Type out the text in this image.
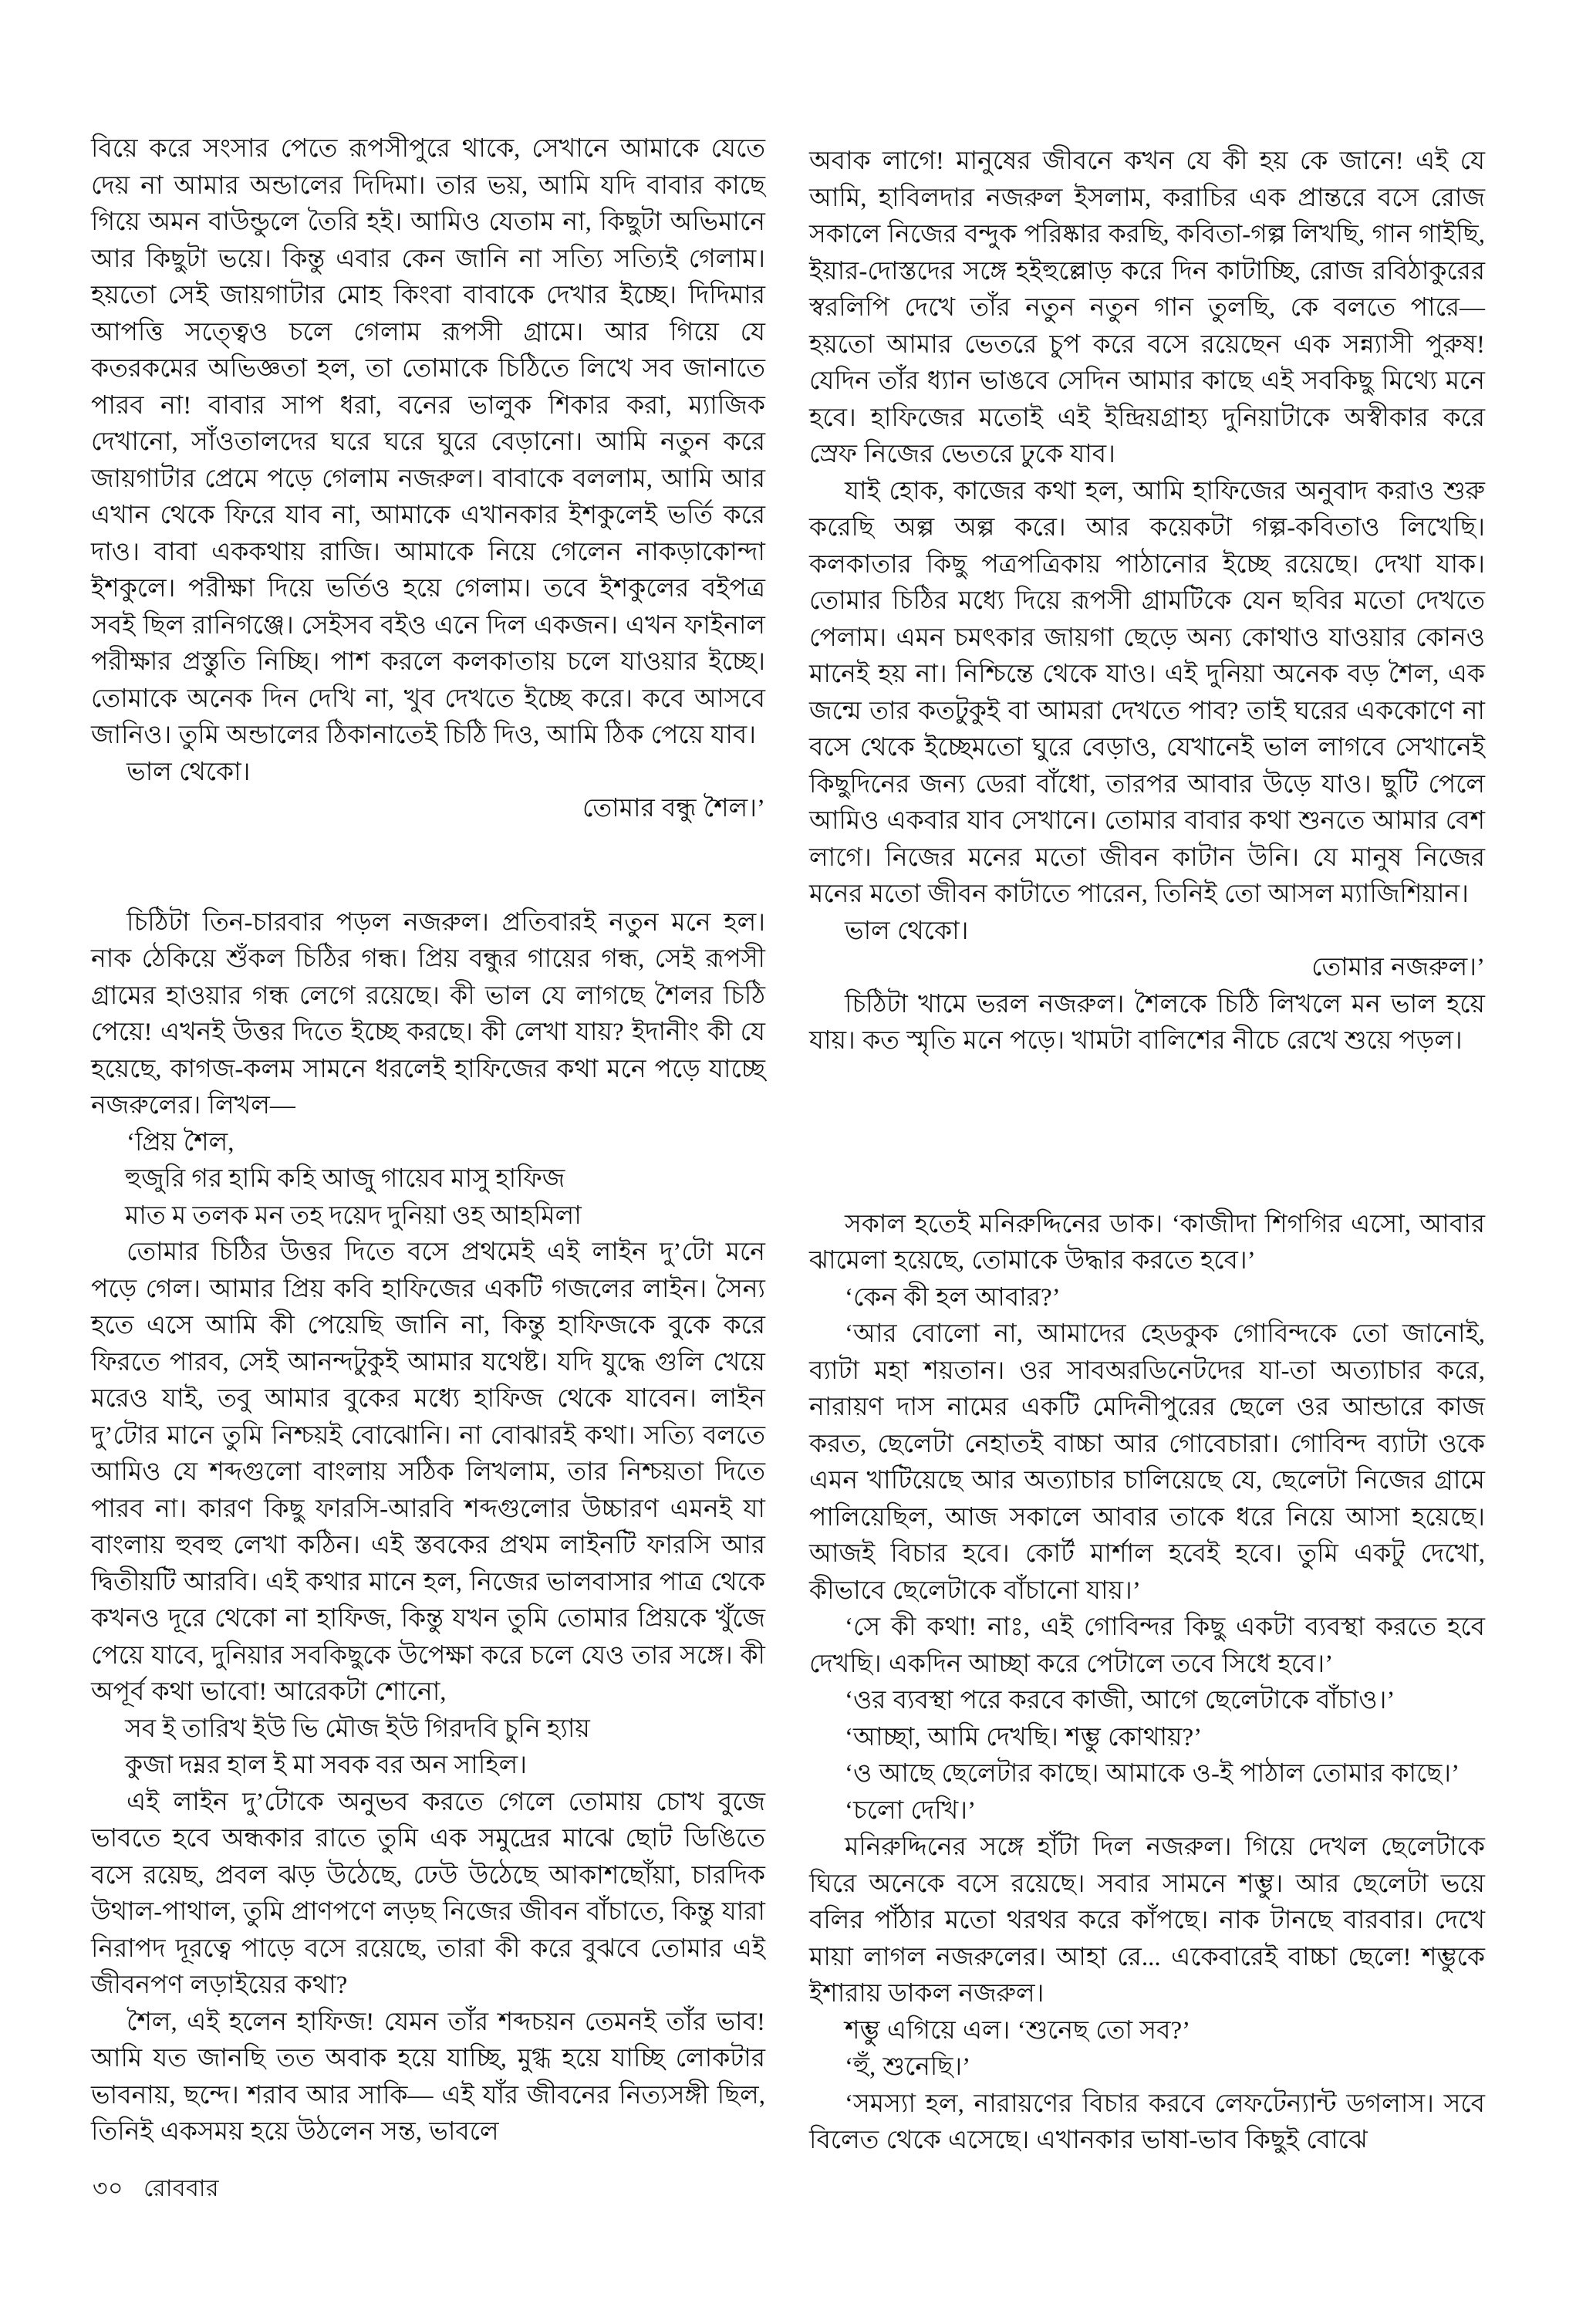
বিয়ে করে সংসার পেতে রূপসীপুরে থাকে, সেখানে আমাকে যেতে দেয় না আমার অন্ডালের দিদিমা। তার ভয়, আমি যদি বাবার কাছে গিয়ে অমন বাউন্ডুলে তৈরি হই। আমিও যেতাম না, কিছুটা অভিমানে আর কিছুটা ভয়ে। কিন্তু এবার কেন জানি না সত্যি সত্যিই গেলাম। হয়তো সেই জায়গাটার মোহ কিংবা বাবাকে দেখার ইচ্ছে। দিদিমার আপত্তি সত্ত্বেও চলে গেলাম রূপসী গ্রামে। আর গিয়ে যে কতরকমের অভিজ্ঞতা হল, তা তোমাকে চিঠিতে লিখে সব জানাতে পারব না! বাবার সাপ ধরা, বনের ভালুক শিকার করা, ম্যাজিক দেখানো, সাঁওতালদের ঘরে ঘরে ঘুরে বেড়ানো। আমি নতুন করে জায়গাটার প্রেমে পড়ে গেলাম নজরুল। বাবাকে বললাম, আমি আর এখান থেকে ফিরে যাব না, আমাকে এখানকার ইশকুলেই ভর্তি করে দাও। বাবা এককথায় রাজি। আমাকে নিয়ে গেলেন নাকড়াকোন্দা ইশকুলে। পরীক্ষা দিয়ে ভর্তিও হয়ে গেলাম। তবে ইশকুলের বইপত্র সবই ছিল রানিগঞ্জে। সেইসব বইও এনে দিল একজন। এখন ফাইনাল পরীক্ষার প্রস্তুতি নিচ্ছি। পাশ করলে কলকাতায় চলে যাওয়ার ইচ্ছে। তোমাকে অনেক দিন দেখি না, খুব দেখতে ইচ্ছে করে। কবে আসবে জানিও। তুমি অন্ডালের ঠিকানাতেই চিঠি দিও, আমি ঠিক পেয়ে যাব।

ভাল থেকো।

তোমার বন্ধু শৈল।’

চিঠিটা তিন-চারবার পড়ল নজরুল। প্রতিবারই নতুন মনে হল। নাক ঠেকিয়ে শুঁকল চিঠির গন্ধ। প্রিয় বন্ধুর গায়ের গন্ধ, সেই রূপসী গ্রামের হাওয়ার গন্ধ লেগে রয়েছে। কী ভাল যে লাগছে শৈলর চিঠি পেয়ে! এখনই উত্তর দিতে ইচ্ছে করছে। কী লেখা যায়? ইদানীং কী যে হয়েছে, কাগজ-কলম সামনে ধরলেই হাফিজের কথা মনে পড়ে যাচ্ছে নজরুলের। লিখল—

‘প্রিয় শৈল,

হুজুরি গর হামি কহি আজু গায়েব মাসু হাফিজ

মাত ম তলক মন তহ দয়েদ দুনিয়া ওহ আহমিলা

তোমার চিঠির উত্তর দিতে বসে প্রথমেই এই লাইন দু’টো মনে পড়ে গেল। আমার প্রিয় কবি হাফিজের একটি গজলের লাইন। সৈন্য হতে এসে আমি কী পেয়েছি জানি না, কিন্তু হাফিজকে বুকে করে ফিরতে পারব, সেই আনন্দটুকুই আমার যথেষ্ট। যদি যুদ্ধে গুলি খেয়ে মরেও যাই, তবু আমার বুকের মধ্যে হাফিজ থেকে যাবেন। লাইন দু’টোর মানে তুমি নিশ্চয়ই বোঝোনি। না বোঝারই কথা। সত্যি বলতে আমিও যে শব্দগুলো বাংলায় সঠিক লিখলাম, তার নিশ্চয়তা দিতে পারব না। কারণ কিছু ফারসি-আরবি শব্দগুলোর উচ্চারণ এমনই যা বাংলায় হুবহু লেখা কঠিন। এই স্তবকের প্রথম লাইনটি ফারসি আর দ্বিতীয়টি আরবি। এই কথার মানে হল, নিজের ভালবাসার পাত্র থেকে কখনও দূরে থেকো না হাফিজ, কিন্তু যখন তুমি তোমার প্রিয়কে খুঁজে পেয়ে যাবে, দুনিয়ার সবকিছুকে উপেক্ষা করে চলে যেও তার সঙ্গে। কী অপূর্ব কথা ভাবো! আরেকটা শোনো,

সব ই তারিখ ইউ ভি মৌজ ইউ গিরদবি চুনি হ্যায়

কুজা দম্নর হাল ই মা সবক বর অন সাহিল।

এই লাইন দু’টোকে অনুভব করতে গেলে তোমায় চোখ বুজে ভাবতে হবে অন্ধকার রাতে তুমি এক সমুদ্রের মাঝে ছোট ডিঙিতে বসে রয়েছ, প্রবল ঝড় উঠেছে, ঢেউ উঠেছে আকাশছোঁয়া, চারদিক উথাল-পাথাল, তুমি প্রাণপণে লড়ছ নিজের জীবন বাঁচাতে, কিন্তু যারা নিরাপদ দূরত্বে পাড়ে বসে রয়েছে, তারা কী করে বুঝবে তোমার এই জীবনপণ লড়াইয়ের কথা?

শৈল, এই হলেন হাফিজ! যেমন তাঁর শব্দচয়ন তেমনই তাঁর ভাব! আমি যত জানছি তত অবাক হয়ে যাচ্ছি, মুগ্ধ হয়ে যাচ্ছি লোকটার ভাবনায়, ছন্দে। শরাব আর সাকি— এই যাঁর জীবনের নিত্যসঙ্গী ছিল, তিনিই একসময় হয়ে উঠলেন সন্ত, ভাবলে

অবাক লাগে! মানুষের জীবনে কখন যে কী হয় কে জানে! এই যে আমি, হাবিলদার নজরুল ইসলাম, করাচির এক প্রান্তরে বসে রোজ সকালে নিজের বন্দুক পরিষ্কার করছি, কবিতা-গল্প লিখছি, গান গাইছি, ইয়ার-দোস্তদের সঙ্গে হইহুল্লোড় করে দিন কাটাচ্ছি, রোজ রবিঠাকুরের স্বরলিপি দেখে তাঁর নতুন নতুন গান তুলছি, কে বলতে পারে— হয়তো আমার ভেতরে চুপ করে বসে রয়েছেন এক সন্ন্যাসী পুরুষ! যেদিন তাঁর ধ্যান ভাঙবে সেদিন আমার কাছে এই সবকিছু মিথ্যে মনে হবে। হাফিজের মতোই এই ইন্দ্রিয়গ্রাহ্য দুনিয়াটাকে অস্বীকার করে স্রেফ নিজের ভেতরে ঢুকে যাব।

যাই হোক, কাজের কথা হল, আমি হাফিজের অনুবাদ করাও শুরু করেছি অল্প অল্প করে। আর কয়েকটা গল্প-কবিতাও লিখেছি। কলকাতার কিছু পত্রপত্রিকায় পাঠানোর ইচ্ছে রয়েছে। দেখা যাক। তোমার চিঠির মধ্যে দিয়ে রূপসী গ্রামটিকে যেন ছবির মতো দেখতে পেলাম। এমন চমৎকার জায়গা ছেড়ে অন্য কোথাও যাওয়ার কোনও মানেই হয় না। নিশ্চিন্তে থেকে যাও। এই দুনিয়া অনেক বড় শৈল, এক জন্মে তার কতটুকুই বা আমরা দেখতে পাব? তাই ঘরের এককোণে না বসে থেকে ইচ্ছেমতো ঘুরে বেড়াও, যেখানেই ভাল লাগবে সেখানেই কিছুদিনের জন্য ডেরা বাঁধো, তারপর আবার উড়ে যাও। ছুটি পেলে আমিও একবার যাব সেখানে। তোমার বাবার কথা শুনতে আমার বেশ লাগে। নিজের মনের মতো জীবন কাটান উনি। যে মানুষ নিজের মনের মতো জীবন কাটাতে পারেন, তিনিই তো আসল ম্যাজিশিয়ান।

ভাল থেকো।

তোমার নজরুল।’

চিঠিটা খামে ভরল নজরুল। শৈলকে চিঠি লিখলে মন ভাল হয়ে যায়। কত স্মৃতি মনে পড়ে। খামটা বালিশের নীচে রেখে শুয়ে পড়ল।

সকাল হতেই মনিরুদ্দিনের ডাক। ‘কাজীদা শিগগির এসো, আবার ঝামেলা হয়েছে, তোমাকে উদ্ধার করতে হবে।’

‘কেন কী হল আবার?’

‘আর বোলো না, আমাদের হেডকুক গোবিন্দকে তো জানোই, ব্যাটা মহা শয়তান। ওর সাবঅরডিনেটদের যা-তা অত্যাচার করে, নারায়ণ দাস নামের একটি মেদিনীপুরের ছেলে ওর আন্ডারে কাজ করত, ছেলেটা নেহাতই বাচ্চা আর গোবেচারা। গোবিন্দ ব্যাটা ওকে এমন খাটিয়েছে আর অত্যাচার চালিয়েছে যে, ছেলেটা নিজের গ্রামে পালিয়েছিল, আজ সকালে আবার তাকে ধরে নিয়ে আসা হয়েছে। আজই বিচার হবে। কোর্ট মার্শাল হবেই হবে। তুমি একটু দেখো, কীভাবে ছেলেটাকে বাঁচানো যায়।’

‘সে কী কথা! নাঃ, এই গোবিন্দর কিছু একটা ব্যবস্থা করতে হবে দেখছি। একদিন আচ্ছা করে পেটালে তবে সিধে হবে।’

‘ওর ব্যবস্থা পরে করবে কাজী, আগে ছেলেটাকে বাঁচাও।’

‘আচ্ছা, আমি দেখছি। শম্ভু কোথায়?’

‘ও আছে ছেলেটার কাছে। আমাকে ও-ই পাঠাল তোমার কাছে।’

‘চলো দেখি।’

মনিরুদ্দিনের সঙ্গে হাঁটা দিল নজরুল। গিয়ে দেখল ছেলেটাকে ঘিরে অনেকে বসে রয়েছে। সবার সামনে শম্ভু। আর ছেলেটা ভয়ে বলির পাঁঠার মতো থরথর করে কাঁপছে। নাক টানছে বারবার। দেখে মায়া লাগল নজরুলের। আহা রে... একেবারেই বাচ্চা ছেলে! শম্ভুকে ইশারায় ডাকল নজরুল।

শম্ভু এগিয়ে এল। ‘শুনেছ তো সব?’

‘হুঁ, শুনেছি।’

‘সমস্যা হল, নারায়ণের বিচার করবে লেফটেন্যান্ট ডগলাস। সবে বিলেত থেকে এসেছে। এখানকার ভাষা-ভাব কিছুই বোঝে

৩০ রোববার
